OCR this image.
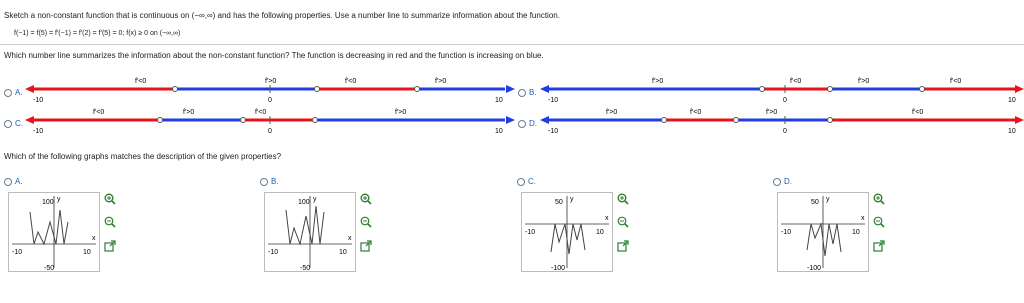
Sketch a non-constant function that is continuous on (−∞,∞) and has the following properties. Use a number line to summarize information about the function.
f(−1) = f(5) = f′(−1) = f′(2) = f′(5) = 0; f(x) ≥ 0 on (−∞,∞)
Which number line summarizes the information about the non-constant function? The function is decreasing in red and the function is increasing on blue.
A.
-10	0	10
f′<0	f′>0	f′<0	f′>0
B.
-10	0	10
f′>0	f′<0	f′>0	f′<0
C.
-10	0	10
f′<0	f′>0	f′<0	f′>0
D.
-10	0	10
f′>0	f′<0	f′>0	f′<0
Which of the following graphs matches the description of the given properties?
A.
100
-50
-10	10
x
y
B.
100
-50
-10	10
x
y
C.
50
-100
-10	10
x
y
D.
50
-100
-10	10
x
y
